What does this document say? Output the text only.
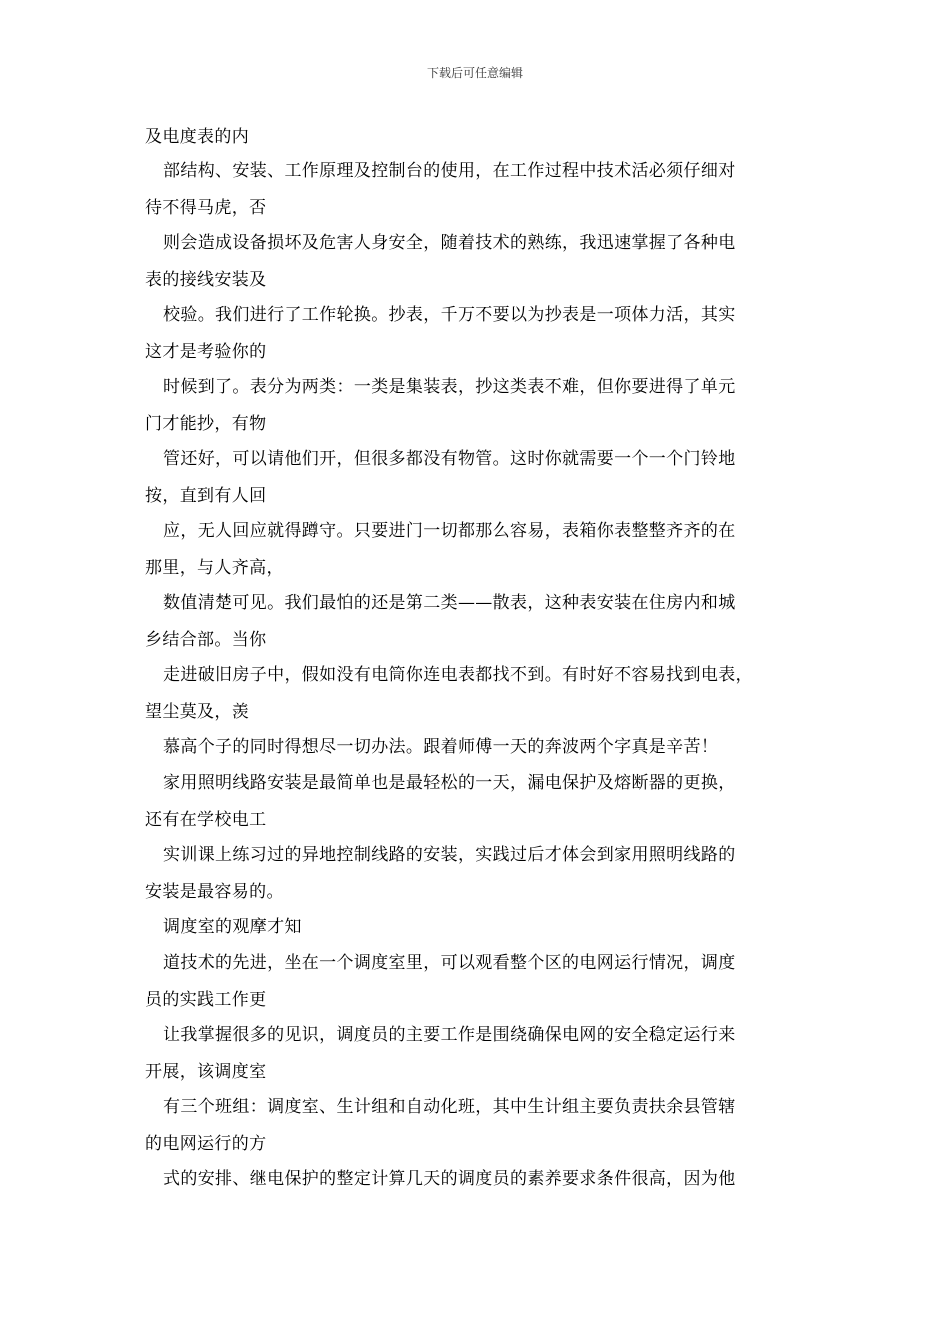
下载后可任意编辑
及电度表的内
部结构、安装、工作原理及控制台的使用，在工作过程中技术活必须仔细对
待不得马虎，否
则会造成设备损坏及危害人身安全，随着技术的熟练，我迅速掌握了各种电
表的接线安装及
校验。我们进行了工作轮换。抄表，千万不要以为抄表是一项体力活，其实
这才是考验你的
时候到了。表分为两类：一类是集装表，抄这类表不难，但你要进得了单元
门才能抄，有物
管还好，可以请他们开，但很多都没有物管。这时你就需要一个一个门铃地
按，直到有人回
应，无人回应就得蹲守。只要进门一切都那么容易，表箱你表整整齐齐的在
那里，与人齐高，
数值清楚可见。我们最怕的还是第二类——散表，这种表安装在住房内和城
乡结合部。当你
走进破旧房子中，假如没有电筒你连电表都找不到。有时好不容易找到电表，
望尘莫及，羡
慕高个子的同时得想尽一切办法。跟着师傅一天的奔波两个字真是辛苦！
家用照明线路安装是最简单也是最轻松的一天，漏电保护及熔断器的更换，
还有在学校电工
实训课上练习过的异地控制线路的安装，实践过后才体会到家用照明线路的
安装是最容易的。
调度室的观摩才知
道技术的先进，坐在一个调度室里，可以观看整个区的电网运行情况，调度
员的实践工作更
让我掌握很多的见识，调度员的主要工作是围绕确保电网的安全稳定运行来
开展，该调度室
有三个班组：调度室、生计组和自动化班，其中生计组主要负责扶余县管辖
的电网运行的方
式的安排、继电保护的整定计算几天的调度员的素养要求条件很高，因为他
